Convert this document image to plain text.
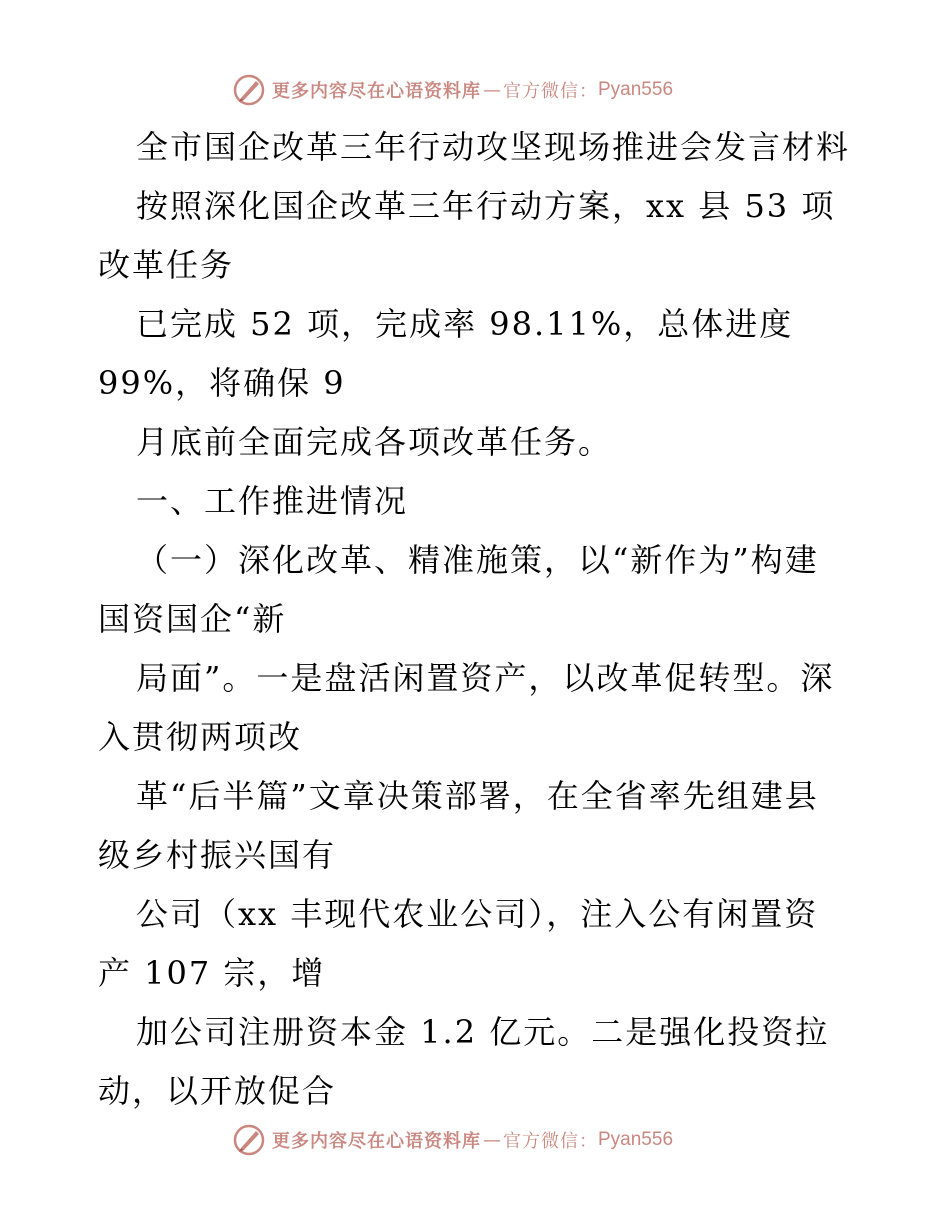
更多内容尽在心语资料库 — 官方微信： Pyan556
全市国企改革三年行动攻坚现场推进会发言材料
按照深化国企改革三年行动方案，xx 县 53 项
改革任务
已完成 52 项，完成率 98.11%，总体进度
99%，将确保 9
月底前全面完成各项改革任务。
一、工作推进情况
（一）深化改革、精准施策，以“新作为”构建
国资国企“新
局面”。一是盘活闲置资产，以改革促转型。深
入贯彻两项改
革“后半篇”文章决策部署，在全省率先组建县
级乡村振兴国有
公司（xx 丰现代农业公司），注入公有闲置资
产 107 宗，增
加公司注册资本金 1.2 亿元。二是强化投资拉
动，以开放促合
更多内容尽在心语资料库 — 官方微信： Pyan556
